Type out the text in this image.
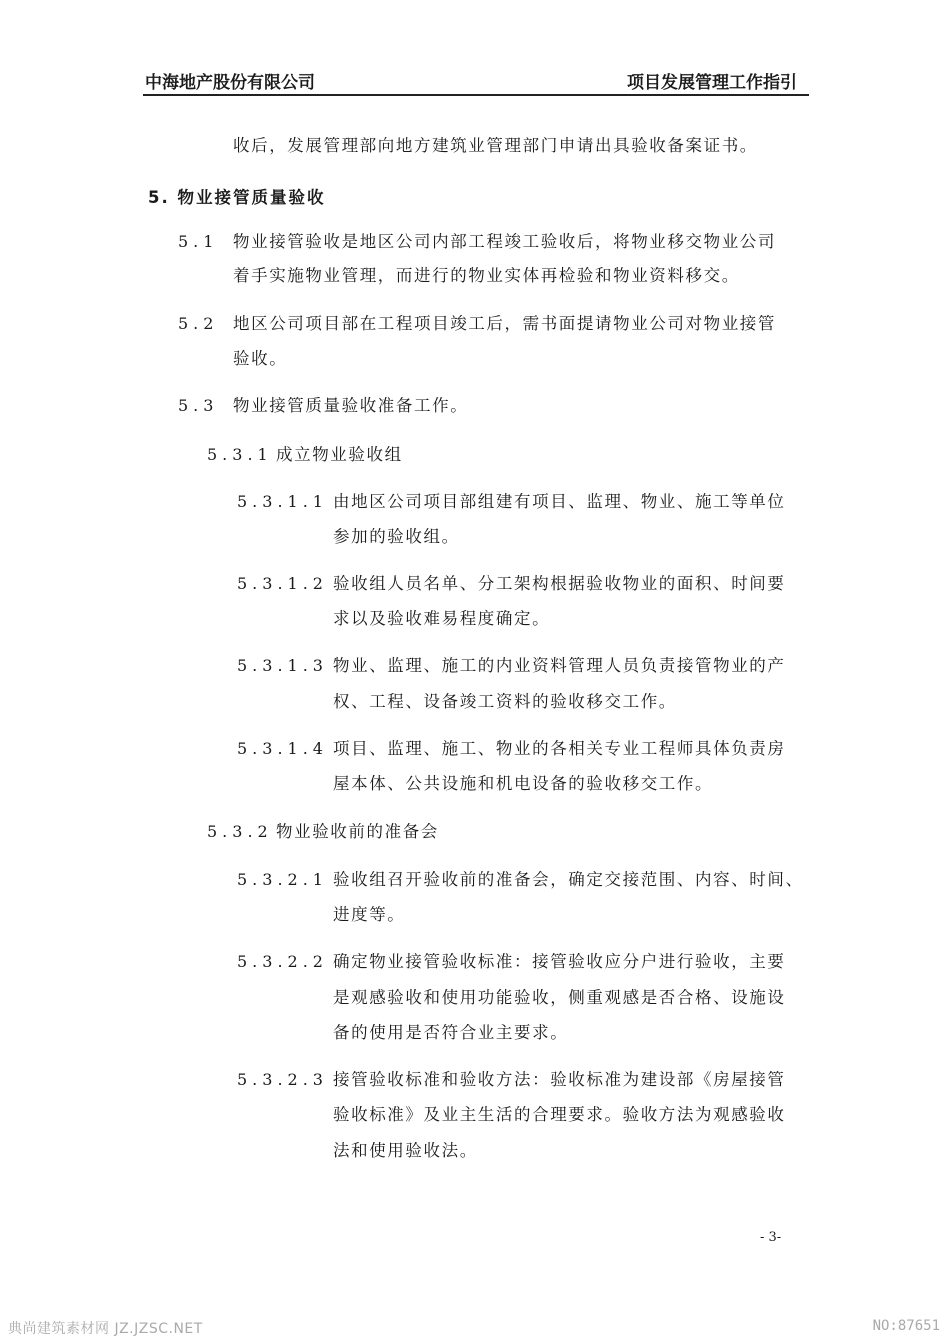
中海地产股份有限公司	项目发展管理工作指引
收后，发展管理部向地方建筑业管理部门申请出具验收备案证书。
5. 物业接管质量验收
5.1 物业接管验收是地区公司内部工程竣工验收后，将物业移交物业公司
着手实施物业管理，而进行的物业实体再检验和物业资料移交。
5.2 地区公司项目部在工程项目竣工后，需书面提请物业公司对物业接管
验收。
5.3 物业接管质量验收准备工作。
5.3.1 成立物业验收组
5.3.1.1 由地区公司项目部组建有项目、监理、物业、施工等单位
参加的验收组。
5.3.1.2 验收组人员名单、分工架构根据验收物业的面积、时间要
求以及验收难易程度确定。
5.3.1.3 物业、监理、施工的内业资料管理人员负责接管物业的产
权、工程、设备竣工资料的验收移交工作。
5.3.1.4 项目、监理、施工、物业的各相关专业工程师具体负责房
屋本体、公共设施和机电设备的验收移交工作。
5.3.2 物业验收前的准备会
5.3.2.1 验收组召开验收前的准备会，确定交接范围、内容、时间、
进度等。
5.3.2.2 确定物业接管验收标准：接管验收应分户进行验收，主要
是观感验收和使用功能验收，侧重观感是否合格、设施设
备的使用是否符合业主要求。
5.3.2.3 接管验收标准和验收方法：验收标准为建设部《房屋接管
验收标准》及业主生活的合理要求。验收方法为观感验收
法和使用验收法。
- 3-
典尚建筑素材网 JZ.JZSC.NET	NO:87651
